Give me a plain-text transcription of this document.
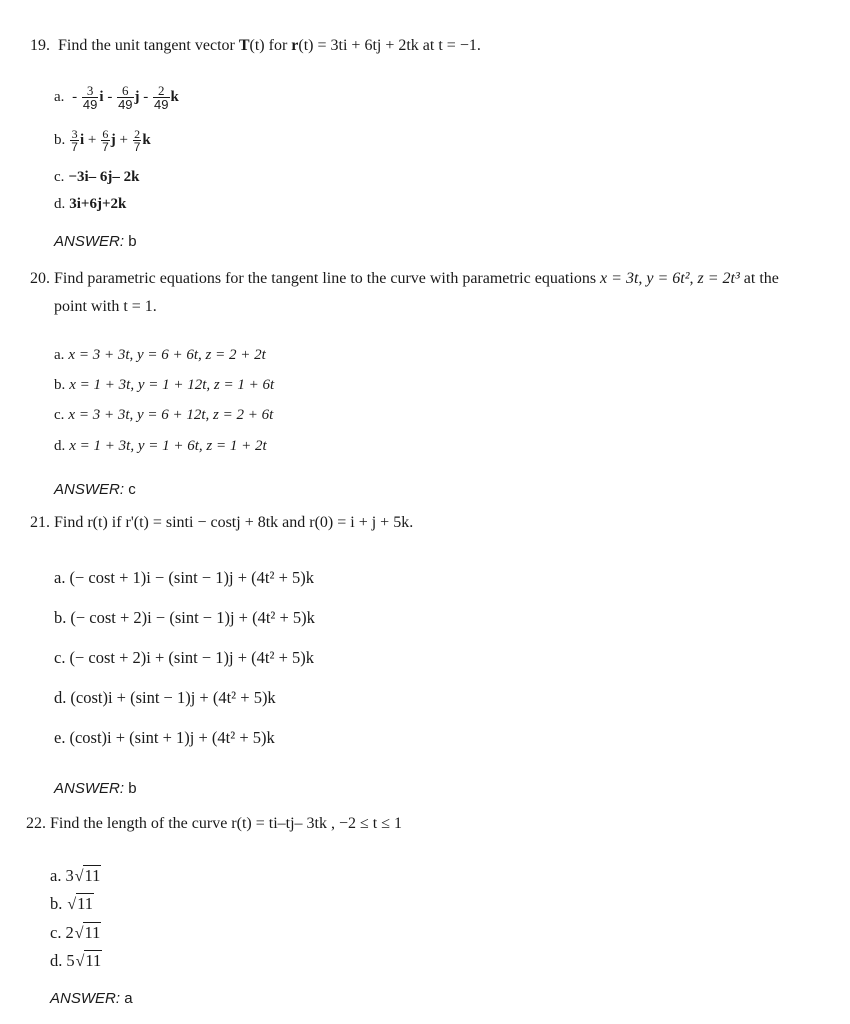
19. Find the unit tangent vector T(t) for r(t) = 3ti + 6tj + 2tk at t = −1.
a. - $\frac{3}{49}$ i - $\frac{6}{49}$ j - $\frac{2}{49}$ k
b. $\frac{3}{7}$ $i + \frac{6}{7}$ $j + \frac{2}{7}$ k
c. −3i– 6j– 2k
d. 3i+6j+2k
ANSWER: b
20. Find parametric equations for the tangent line to the curve with parametric equations x = 3t, y = 6t², z = 2t³ at the
point with t = 1.
a. x = 3 + 3t, y = 6 + 6t, z = 2 + 2t
b. x = 1 + 3t, y = 1 + 12t, z = 1 + 6t
c. x = 3 + 3t, y = 6 + 12t, z = 2 + 6t
d. x = 1 + 3t, y = 1 + 6t, z = 1 + 2t
ANSWER: c
21. Find r(t) if r'(t) = sinti − costj + 8tk and r(0) = i + j + 5k.
a. (− cost + 1)i − (sint − 1)j + (4t² + 5)k
b. (− cost + 2)i − (sint − 1)j + (4t² + 5)k
c. (− cost + 2)i + (sint − 1)j + (4t² + 5)k
d. (cost)i + (sint − 1)j + (4t² + 5)k
e. (cost)i + (sint + 1)j + (4t² + 5)k
ANSWER: b
22. Find the length of the curve r(t) = ti–tj– 3tk , −2 ≤ t ≤ 1
a. 3√11
b. √11
c. 2√11
d. 5√11
ANSWER: a
